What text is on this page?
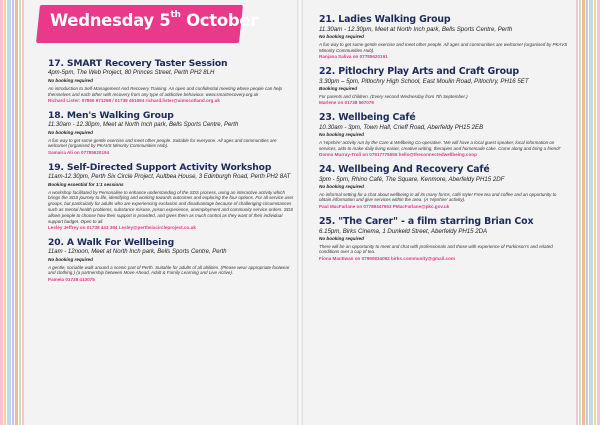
Wednesday 5th October
17. SMART Recovery Taster Session
4pm-5pm, The Web Project, 80 Princes Street, Perth PH2 8LH
No booking required
An introduction to Self-Management And Recovery Training. An open and confidential meeting where people can help themselves and each other with recovery from any type of addictive behaviour. www.smartrecovery.org.uk
Richard Lister: 07865 971298 / 01738 451594 richard.lister@aimscotland.org.uk
18. Men's Walking Group
11.30am - 12.30pm, Meet at North Inch park, Bells Sports Centre, Perth
No booking required
A fun way to get some gentle exercise and meet other people. Suitable for everyone. All ages and communities are welcome! (organised by PKAVS Minority Communities Hub).
Samaira Ali on 07785620194
19. Self-Directed Support Activity Workshop
11am-12.30pm, Perth Six Circle Project, Aultbea House, 3 Edinburgh Road, Perth PH2 8AT
Booking essential for 1:1 sessions
A workshop facilitated by Personaline to enhance understanding of the SDS process, using an interactive activity which brings the SDS journey to life, identifying and working towards outcomes and exploring the four options. For all service user groups, but particularly for adults who are experiencing exclusion and disadvantage because of challenging circumstances such as mental health problems, substance misuse, prison experience, unemployment and community service orders. SDS allows people to choose how their support is provided, and gives them as much control as they want of their individual support budget. Open to all.
Lesley Jeffrey on 01738 443 384 Lesley@perthsixcircleproject.co.uk
20. A Walk For Wellbeing
11am - 12noon, Meet at North Inch park, Bells Sports Centre, Perth
No booking required
A gentle, sociable walk around a scenic part of Perth. Suitable for adults of all abilities. (Please wear appropriate footwear and clothing.) (a partnership between Move Ahead, Adult & Family Learning and Live Active).
Pamela 01738 413075
21. Ladies Walking Group
11.30am - 12.30pm, Meet at North Inch park, Bells Sports Centre, Perth
No booking required
A fun way to get some gentle exercise and meet other people. All ages and communities are welcome! (organised by PKAVS Minority Communities Hub).
Ranjana Saliva on 07785620191
22. Pitlochry Play Arts and Craft Group
3.30pm – 5pm, Pitlochry High School, East Moulin Road, Pitlochry, PH16 5ET
Booking required
For parents and children. (Every second Wednesday from 7th September.)
Marlene on 01738 567076
23. Wellbeing Café
10.30am - 3pm, Town Hall, Crieff Road, Aberfeldy PH15 2EB
No booking required
A 'Hipshire' activity run by the Care & Wellbeing Co-operative. 'We will have a local guest speaker, local information on services, aids to make daily living easier, creative writing, therapies and homemade cake. Come along and bring a friend!'
Donna Murray-Troll on 07917775655 hello@theconnectedwellbeing.coop
24. Wellbeing And Recovery Café
3pm - 5pm, Rhino Café, The Square, Kenmore, Aberfeldy PH15 2DF
No booking required
An informal setting for a chat about wellbeing in all its many forms, café style! Free tea and coffee and an opportunity to obtain information and give services within the area. (A 'Hipshire' activity).
Paul MacFarlane on 07788447653 PMacFarlane@pkc.gov.uk
25. "The Carer" - a film starring Brian Cox
6.15pm, Birks Cinema, 1 Dunkeld Street, Aberfeldy PH15 2DA
No booking required
There will be an opportunity to meet and chat with professionals and those with experience of Parkinson's and related conditions over a cup of tea.
Fiona MacEwan on 07990834092 birks.community@gmail.com
